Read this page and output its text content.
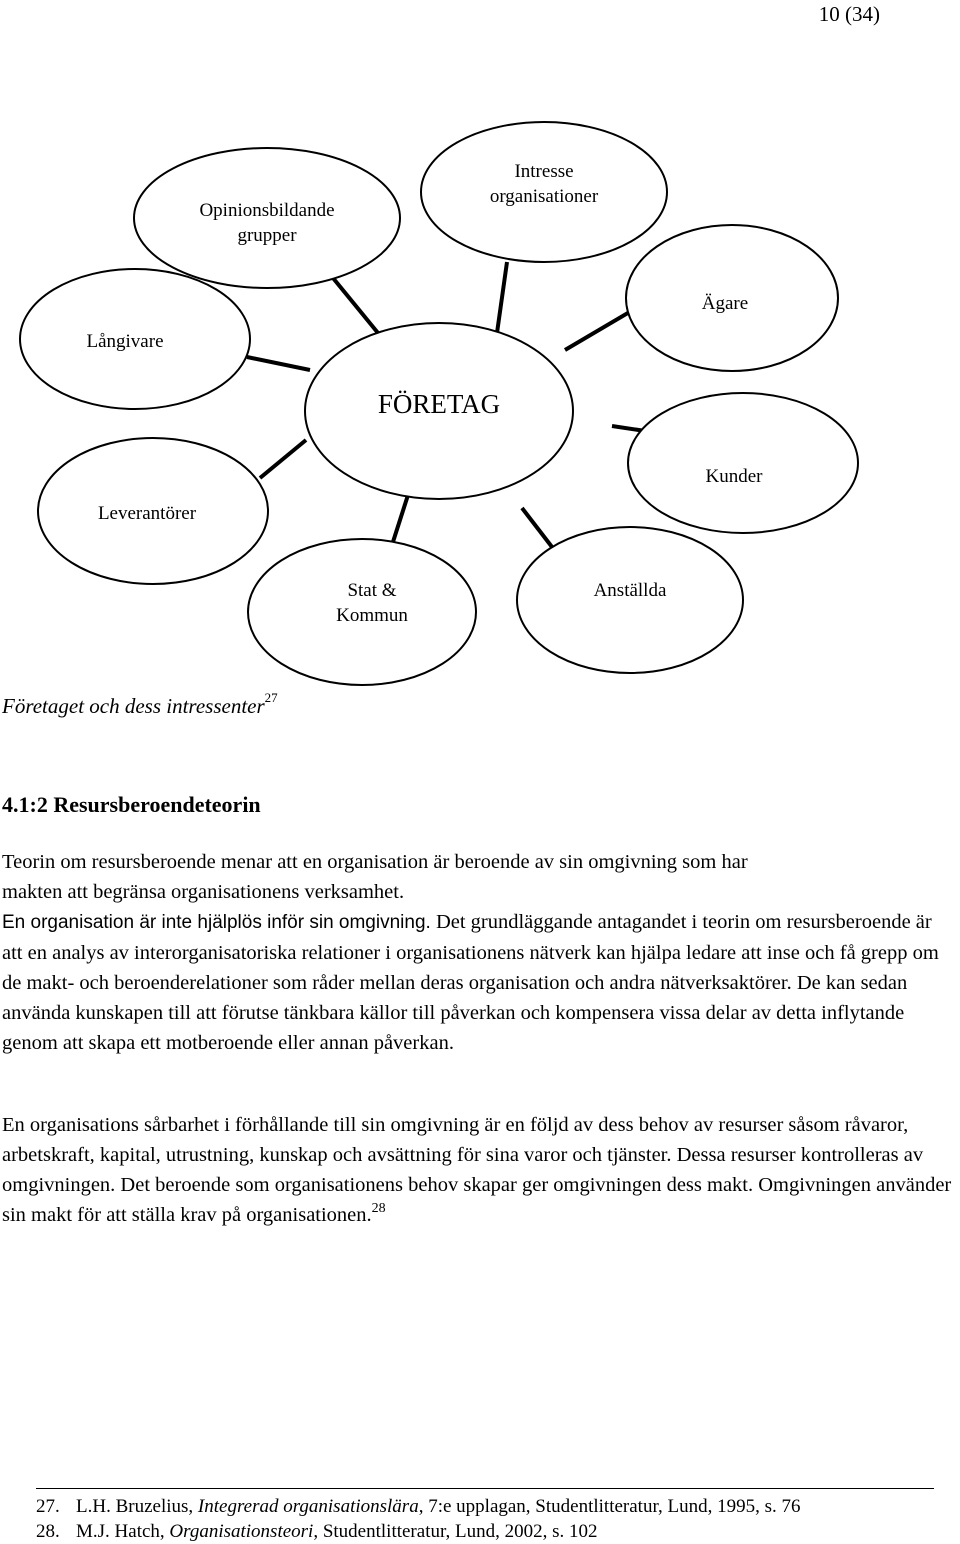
10 (34)
Opinionsbildande grupper
Intresse organisationer
Ägare
Kunder
Anställda
Stat & Kommun
Leverantörer
Långivare
FÖRETAG
Företaget och dess intressenter$^{27}$
4.1:2 Resursberoendeteorin

Teorin om resursberoende menar att en organisation är beroende av sin omgivning som har
makten att begränsa organisationens verksamhet.
En organisation är inte hjälplös inför sin omgivning. Det grundläggande antagandet i teorin om resursberoende är att en analys av interorganisatoriska relationer i organisationens nätverk kan hjälpa ledare att inse och få grepp om de makt- och beroenderelationer som råder mellan deras organisation och andra nätverksaktörer. De kan sedan använda kunskapen till att förutse tänkbara källor till påverkan och kompensera vissa delar av detta inflytande genom att skapa ett motberoende eller annan påverkan.

En organisations sårbarhet i förhållande till sin omgivning är en följd av dess behov av resurser såsom råvaror, arbetskraft, kapital, utrustning, kunskap och avsättning för sina varor och tjänster. Dessa resurser kontrolleras av omgivningen. Det beroende som organisationens behov skapar ger omgivningen dess makt. Omgivningen använder sin makt för att ställa krav på organisationen.$^{28}$

27. L.H. Bruzelius, Integrerad organisationslära, 7:e upplagan, Studentlitteratur, Lund, 1995, s. 76
28. M.J. Hatch, Organisationsteori, Studentlitteratur, Lund, 2002, s. 102
